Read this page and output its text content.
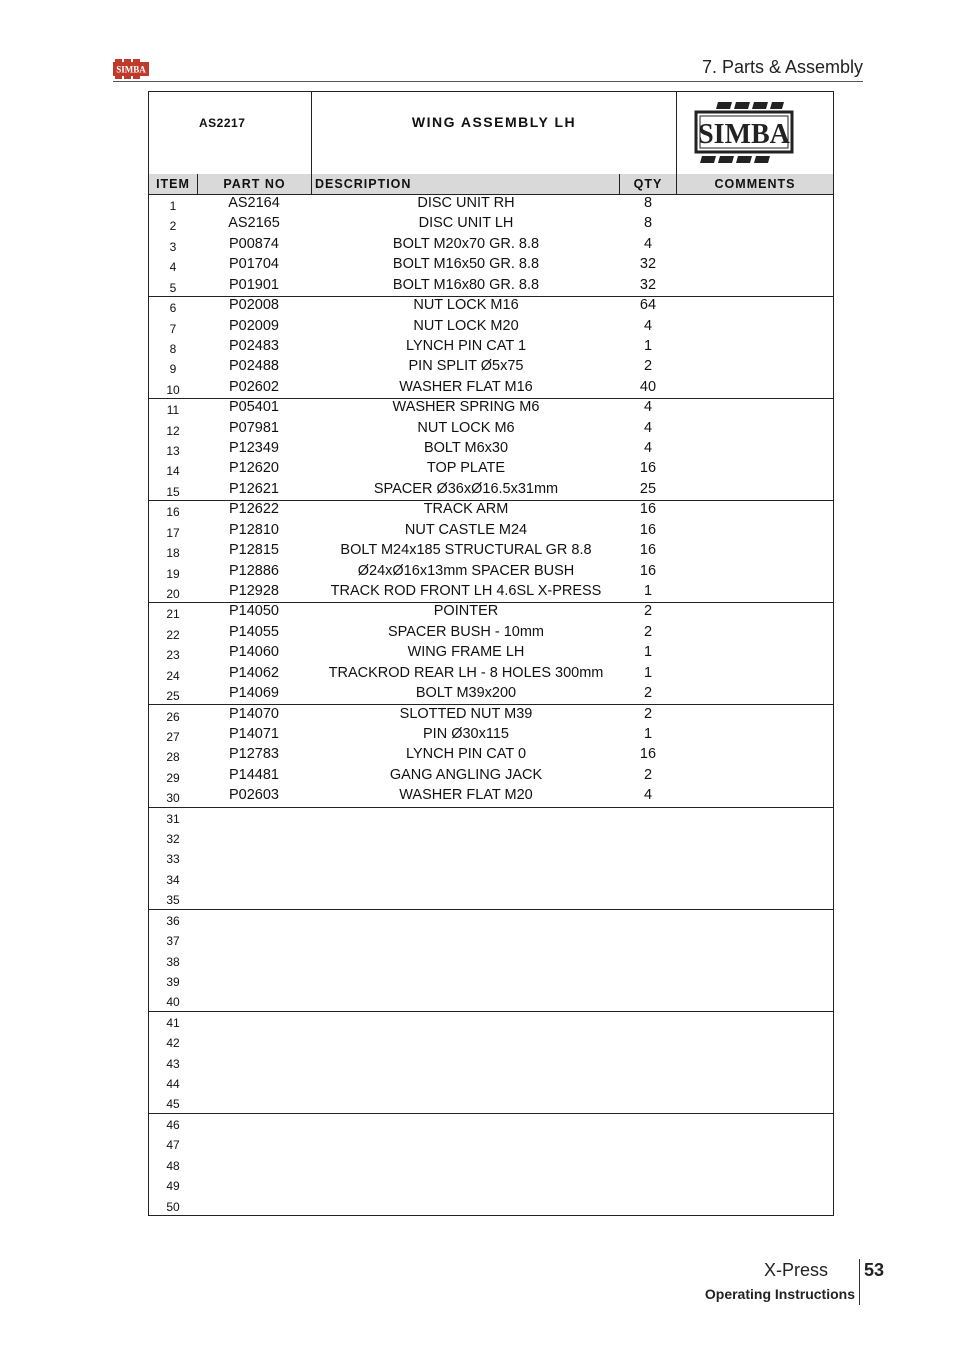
SIMBA	7. Parts & Assembly
AS2217	WING ASSEMBLY LH	SIMBA
ITEM	PART NO	DESCRIPTION	QTY	COMMENTS
1	AS2164	DISC UNIT RH	8
2	AS2165	DISC UNIT LH	8
3	P00874	BOLT M20x70 GR. 8.8	4
4	P01704	BOLT M16x50 GR. 8.8	32
5	P01901	BOLT M16x80 GR. 8.8	32
6	P02008	NUT LOCK M16	64
7	P02009	NUT LOCK M20	4
8	P02483	LYNCH PIN CAT 1	1
9	P02488	PIN SPLIT Ø5x75	2
10	P02602	WASHER FLAT M16	40
11	P05401	WASHER SPRING M6	4
12	P07981	NUT LOCK M6	4
13	P12349	BOLT M6x30	4
14	P12620	TOP PLATE	16
15	P12621	SPACER Ø36xØ16.5x31mm	25
16	P12622	TRACK ARM	16
17	P12810	NUT CASTLE M24	16
18	P12815	BOLT M24x185 STRUCTURAL GR 8.8	16
19	P12886	Ø24xØ16x13mm SPACER BUSH	16
20	P12928	TRACK ROD FRONT LH 4.6SL X-PRESS	1
21	P14050	POINTER	2
22	P14055	SPACER BUSH - 10mm	2
23	P14060	WING FRAME LH	1
24	P14062	TRACKROD REAR LH - 8 HOLES 300mm	1
25	P14069	BOLT M39x200	2
26	P14070	SLOTTED NUT M39	2
27	P14071	PIN Ø30x115	1
28	P12783	LYNCH PIN CAT 0	16
29	P14481	GANG ANGLING JACK	2
30	P02603	WASHER FLAT M20	4
31
32
33
34
35
36
37
38
39
40
41
42
43
44
45
46
47
48
49
50
X-Press 53
Operating Instructions
